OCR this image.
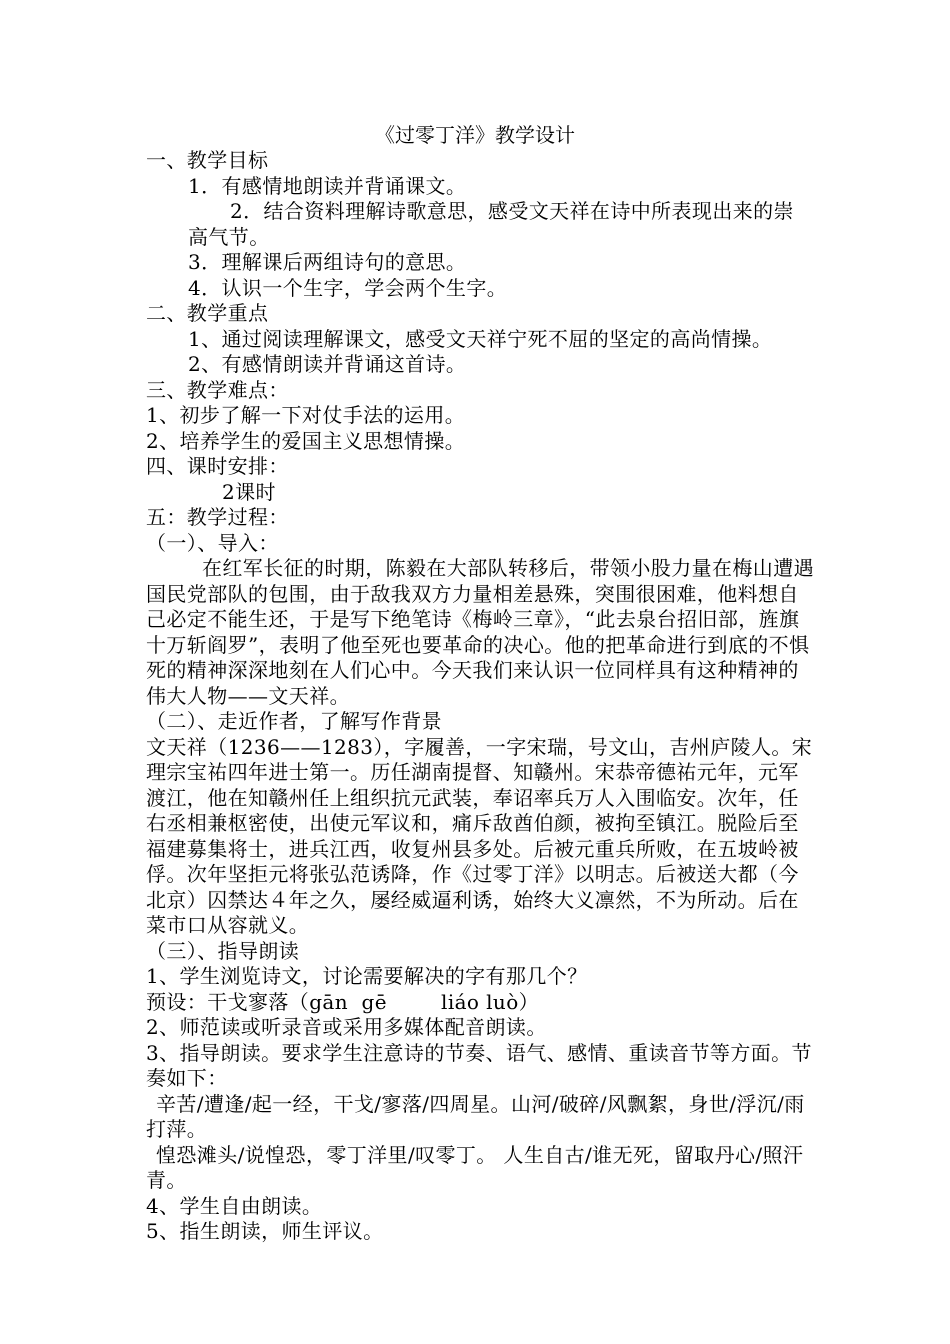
《过零丁洋》教学设计

一、教学目标

1．有感情地朗读并背诵课文。

2．结合资料理解诗歌意思，感受文天祥在诗中所表现出来的崇高气节。

3．理解课后两组诗句的意思。

4．认识一个生字，学会两个生字。

二、教学重点

1、通过阅读理解课文，感受文天祥宁死不屈的坚定的高尚情操。

2、有感情朗读并背诵这首诗。

三、教学难点：

1、初步了解一下对仗手法的运用。

2、培养学生的爱国主义思想情操。

四、课时安排：

2课时

五：教学过程：

（一）、导入：

在红军长征的时期，陈毅在大部队转移后，带领小股力量在梅山遭遇国民党部队的包围，由于敌我双方力量相差悬殊，突围很困难，他料想自己必定不能生还，于是写下绝笔诗《梅岭三章》，“此去泉台招旧部，旌旗十万斩阎罗”，表明了他至死也要革命的决心。他的把革命进行到底的不惧死的精神深深地刻在人们心中。今天我们来认识一位同样具有这种精神的伟大人物——文天祥。

（二）、走近作者，了解写作背景

文天祥（1236——1283），字履善，一字宋瑞，号文山，吉州庐陵人。宋理宗宝祐四年进士第一。历任湖南提督、知赣州。宋恭帝德祐元年，元军渡江，他在知赣州任上组织抗元武装，奉诏率兵万人入围临安。次年，任右丞相兼枢密使，出使元军议和，痛斥敌酋伯颜，被拘至镇江。脱险后至福建募集将士，进兵江西，收复州县多处。后被元重兵所败，在五坡岭被俘。次年坚拒元将张弘范诱降，作《过零丁洋》以明志。后被送大都（今北京）囚禁达４年之久，屡经威逼利诱，始终大义凛然，不为所动。后在菜市口从容就义。

（三）、指导朗读

1、学生浏览诗文，讨论需要解决的字有那几个？

预设：干戈寥落（gān  gē        liáo luò）

2、师范读或听录音或采用多媒体配音朗读。

3、指导朗读。要求学生注意诗的节奏、语气、感情、重读音节等方面。节奏如下：

辛苦/遭逢/起一经，干戈/寥落/四周星。山河/破碎/风飘絮，身世/浮沉/雨打萍。

惶恐滩头/说惶恐，零丁洋里/叹零丁。 人生自古/谁无死，留取丹心/照汗青。

4、学生自由朗读。

5、指生朗读，师生评议。
